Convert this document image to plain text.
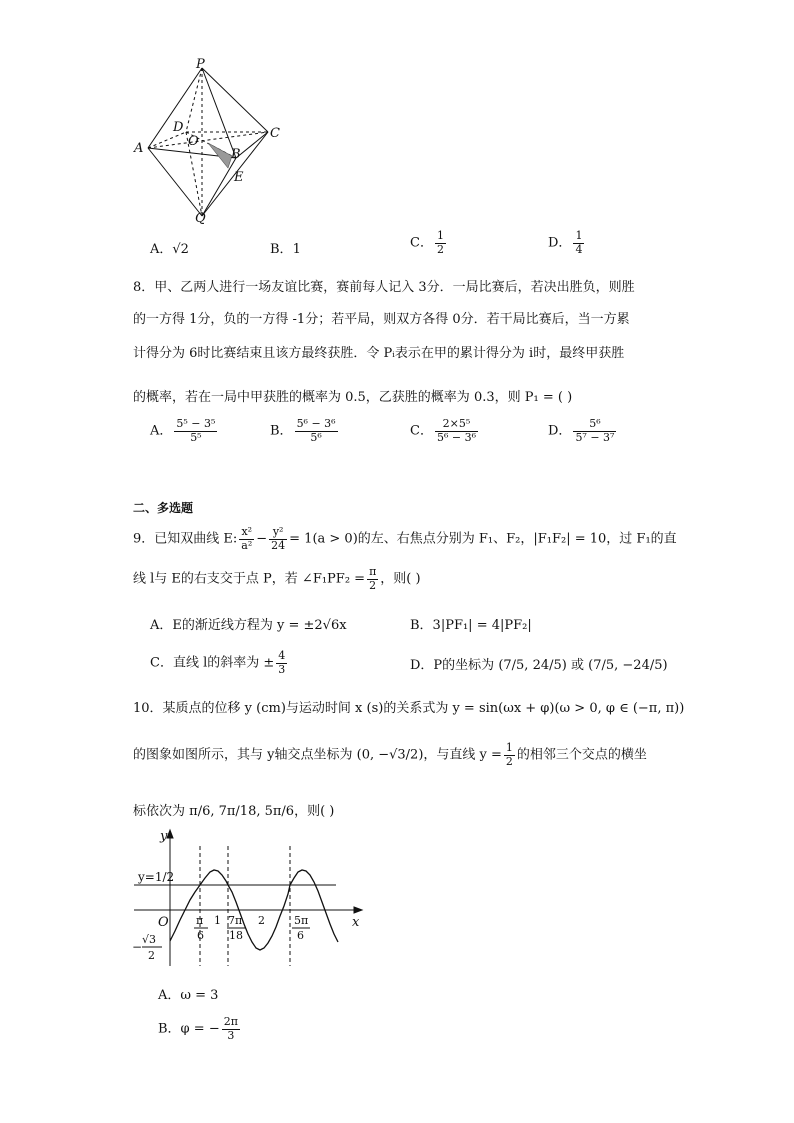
P
D
O
C
A	B
E
Q
A．√2	B．1	C． $\frac{1}{2}$	D． $\frac{1}{4}$
8．甲、乙两人进行一场友谊比赛，赛前每人记入 3分．一局比赛后，若决出胜负，则胜
的一方得 1分，负的一方得 -1分；若平局，则双方各得 0分．若干局比赛后，当一方累
计得分为 6时比赛结束且该方最终获胜．令 Pᵢ表示在甲的累计得分为 i时，最终甲获胜
的概率，若在一局中甲获胜的概率为 0.5，乙获胜的概率为 0.3，则 P₁ = ( )
A． $\frac{\text{5⁵ − 3⁵}}{\text{5⁵}}$	B． $\frac{\text{5⁶ − 3⁶}}{\text{5⁶}}$	C． $\frac{\text{2×5⁵}}{\text{5⁶ − 3⁶}}$	D． $\frac{\text{5⁶}}{\text{5⁷ − 3⁷}}$
二、多选题
9．已知双曲线 E: $\frac{\text{x²}}{\text{a²}} - \frac{\text{y²}}{24} = 1(a > 0)$的左、右焦点分别为 F₁、F₂，|F₁F₂| = 10，过 F₁的直
线 l与 E的右支交于点 P，若 ∠F₁PF₂ = $\frac{\pi}{2}$ ，则( )
A．E的渐近线方程为 y = ±2√6x	B．3|PF₁| = 4|PF₂|
C．直线 l的斜率为 ± $\frac{4}{3}$	D．P的坐标为 (7/5, 24/5) 或 (7/5, −24/5)
10．某质点的位移 y (cm)与运动时间 x (s)的关系式为 y = sin(ωx + φ)(ω > 0, φ ∈ (−π, π))
的图象如图所示，其与 y轴交点坐标为 (0, −√3/2)，与直线 $y = \frac{1}{2}$ 的相邻三个交点的横坐
标依次为 π/6, 7π/18, 5π/6，则( )
y
x
y=1/2
O π
6
1 7π
18
2	5π
6
−
√3
2
A．ω = 3
B．φ = − $\frac{2\pi}{3}$
